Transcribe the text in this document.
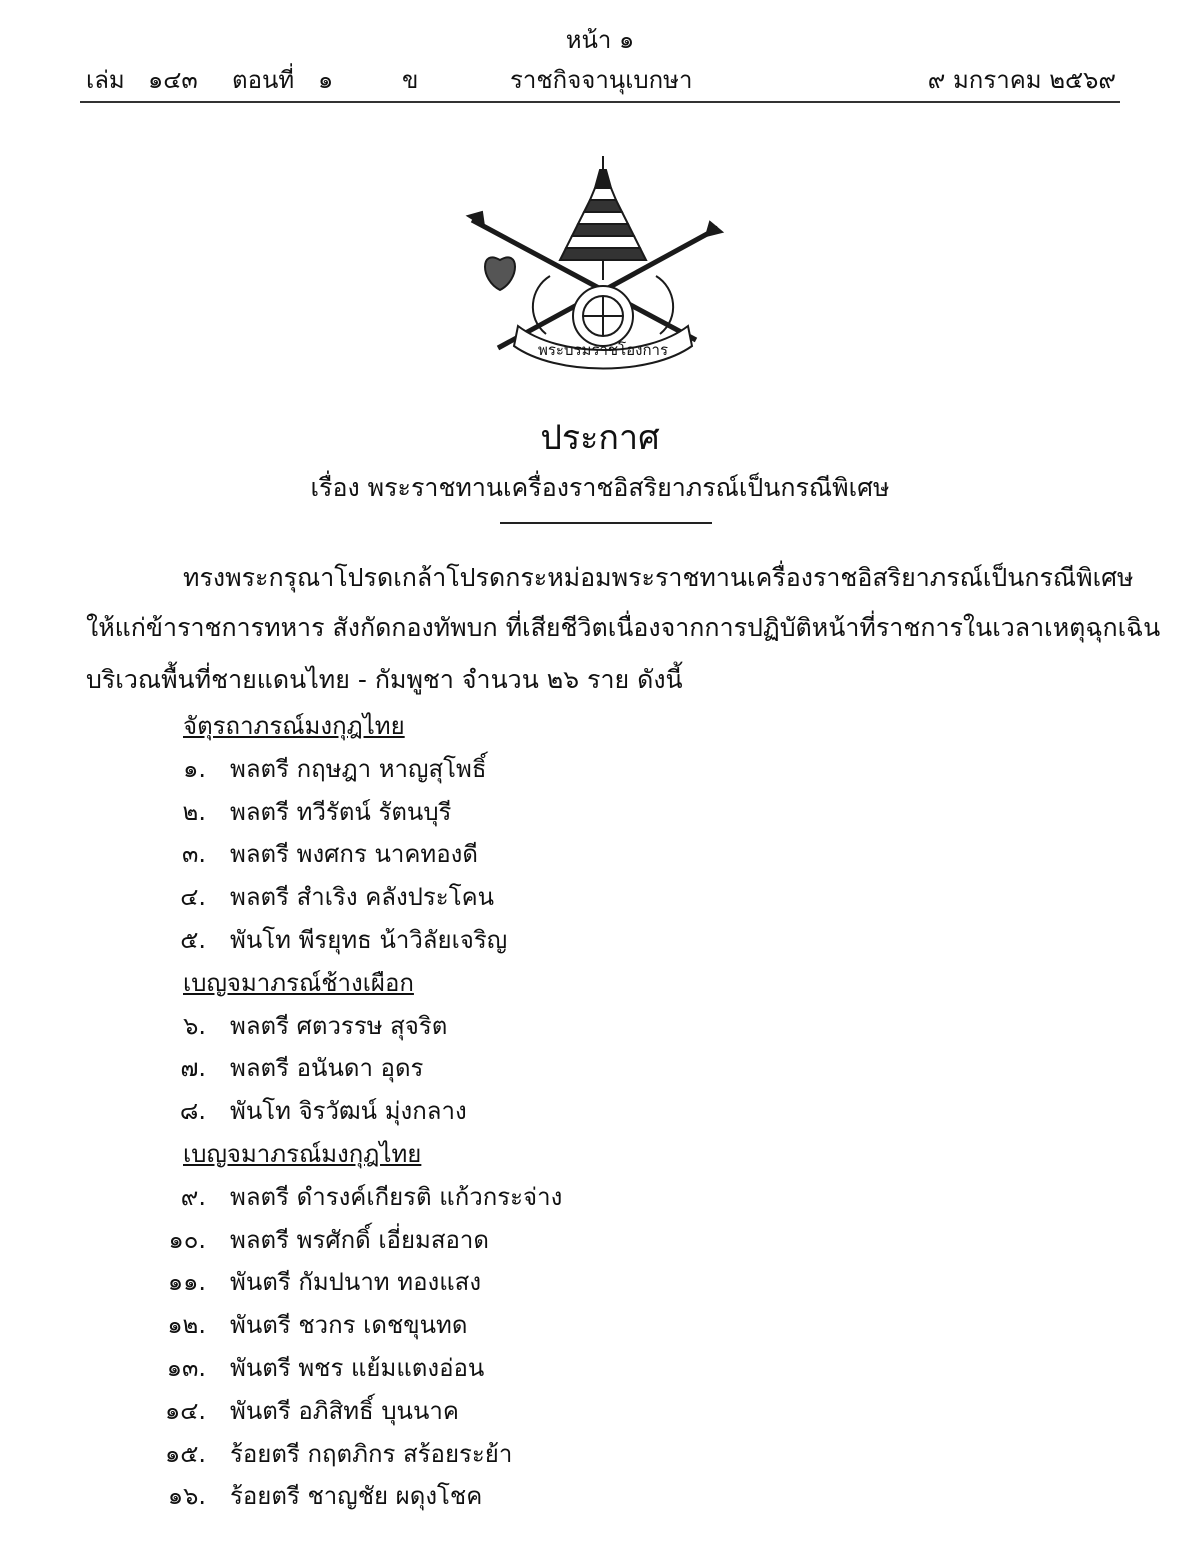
หน้า ๑
เล่ม ๑๔๓ ตอนที่ ๑	ข	ราชกิจจานุเบกษา	๙ มกราคม ๒๕๖๙
พระบรมราชโองการ
ประกาศ
เรื่อง พระราชทานเครื่องราชอิสริยาภรณ์เป็นกรณีพิเศษ
ทรงพระกรุณาโปรดเกล้าโปรดกระหม่อมพระราชทานเครื่องราชอิสริยาภรณ์เป็นกรณีพิเศษ
ให้แก่ข้าราชการทหาร สังกัดกองทัพบก ที่เสียชีวิตเนื่องจากการปฏิบัติหน้าที่ราชการในเวลาเหตุฉุกเฉิน
บริเวณพื้นที่ชายแดนไทย - กัมพูชา จำนวน ๒๖ ราย ดังนี้
จัตุรถาภรณ์มงกุฎไทย
๑. พลตรี กฤษฎา หาญสุโพธิ์
๒. พลตรี ทวีรัตน์ รัตนบุรี
๓. พลตรี พงศกร นาคทองดี
๔. พลตรี สำเริง คลังประโคน
๕. พันโท พีรยุทธ น้าวิลัยเจริญ
เบญจมาภรณ์ช้างเผือก
๖. พลตรี ศตวรรษ สุจริต
๗. พลตรี อนันดา อุดร
๘. พันโท จิรวัฒน์ มุ่งกลาง
เบญจมาภรณ์มงกุฎไทย
๙. พลตรี ดำรงค์เกียรติ แก้วกระจ่าง
๑๐. พลตรี พรศักดิ์ เอี่ยมสอาด
๑๑. พันตรี กัมปนาท ทองแสง
๑๒. พันตรี ชวกร เดชขุนทด
๑๓. พันตรี พชร แย้มแตงอ่อน
๑๔. พันตรี อภิสิทธิ์ บุนนาค
๑๕. ร้อยตรี กฤตภิกร สร้อยระย้า
๑๖. ร้อยตรี ชาญชัย ผดุงโชค
